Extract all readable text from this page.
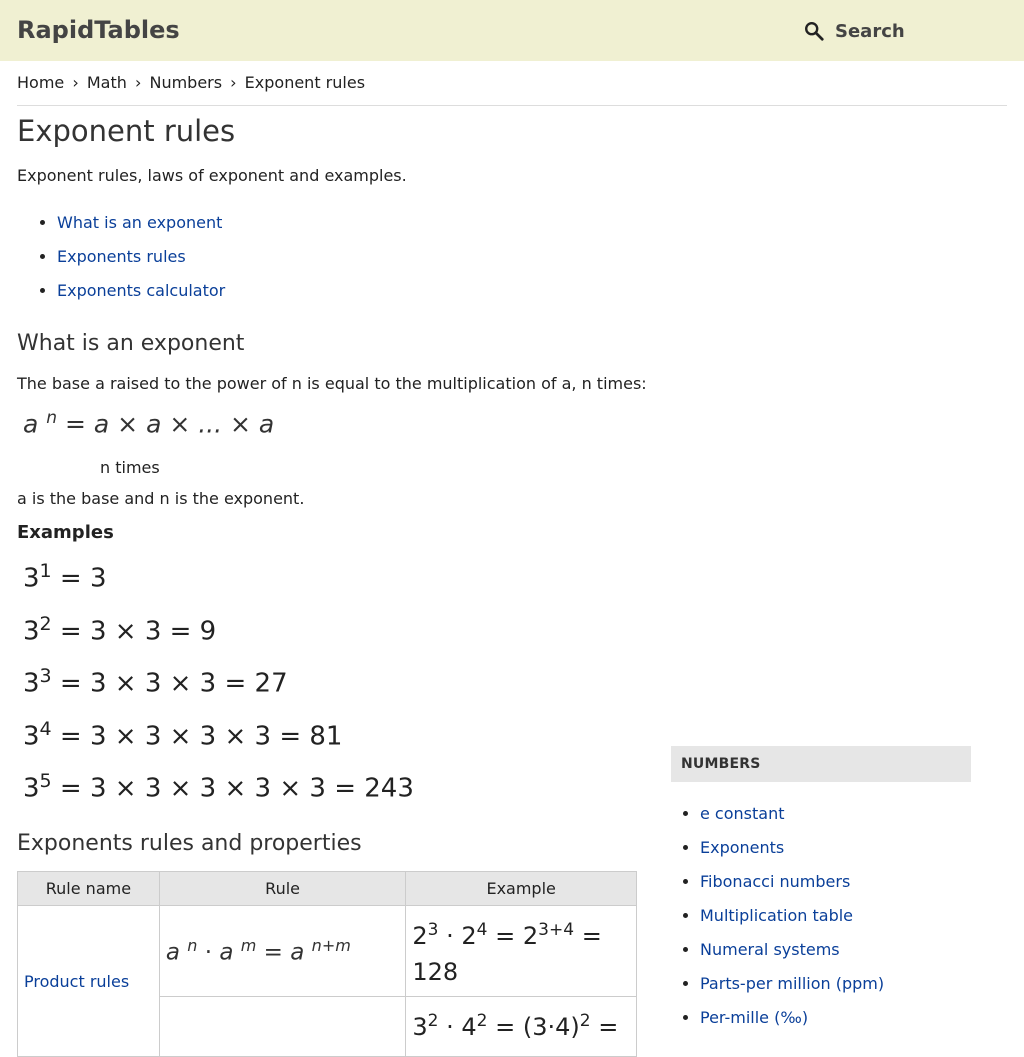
RapidTables	Search
Home › Math › Numbers › Exponent rules
Exponent rules

Exponent rules, laws of exponent and examples.

• What is an exponent
• Exponents rules
• Exponents calculator
What is an exponent

The base a raised to the power of n is equal to the multiplication of a, n times:

a $^n$ = a × a × ... × a
n times

a is the base and n is the exponent.

Examples
$3^1 = 3$
$3^2 = 3 \times 3 = 9$
$3^3 = 3 \times 3 \times 3 = 27$
$3^4 = 3 \times 3 \times 3 \times 3 = 81$
$3^5 = 3 \times 3 \times 3 \times 3 \times 3 = 243$
Exponents rules and properties
Rule name	Rule	Example
Product rules	a $^n$ · a $^m$ = a $^{n+m}$	$2^3 \cdot 2^4 = 2^{3+4} = 128$
		$3^2 \cdot 4^2 = (3\cdot 4)^2$ =
NUMBERS
• e constant
• Exponents
• Fibonacci numbers
• Multiplication table
• Numeral systems
• Parts-per million (ppm)
• Per-mille (‰)
